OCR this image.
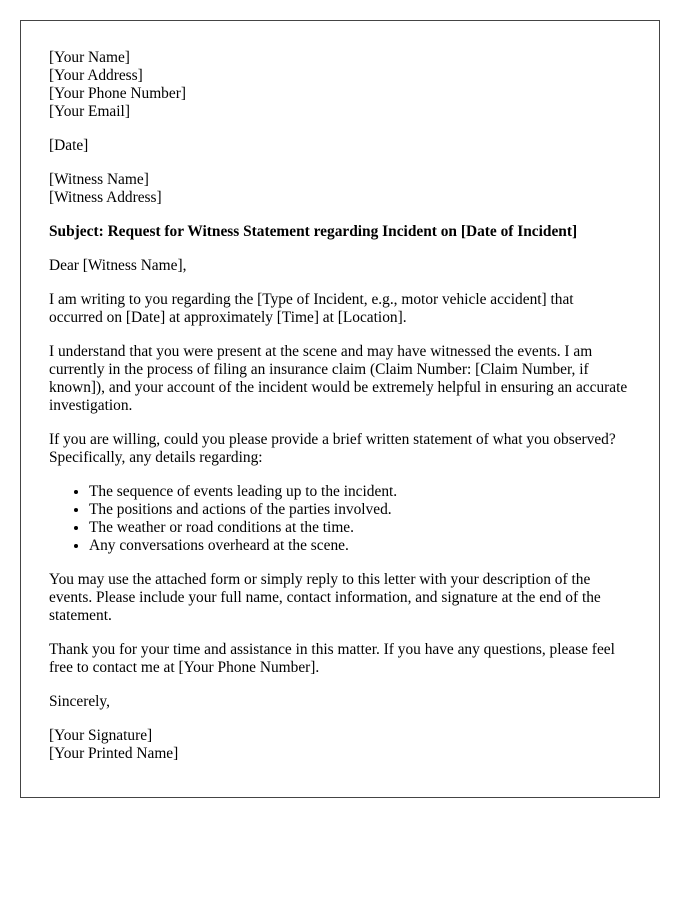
[Your Name]
[Your Address]
[Your Phone Number]
[Your Email]
[Date]
[Witness Name]
[Witness Address]
Subject: Request for Witness Statement regarding Incident on [Date of Incident]

Dear [Witness Name],

I am writing to you regarding the [Type of Incident, e.g., motor vehicle accident] that occurred on [Date] at approximately [Time] at [Location].

I understand that you were present at the scene and may have witnessed the events. I am currently in the process of filing an insurance claim (Claim Number: [Claim Number, if known]), and your account of the incident would be extremely helpful in ensuring an accurate investigation.

If you are willing, could you please provide a brief written statement of what you observed? Specifically, any details regarding:

• The sequence of events leading up to the incident.
• The positions and actions of the parties involved.
• The weather or road conditions at the time.
• Any conversations overheard at the scene.

You may use the attached form or simply reply to this letter with your description of the events. Please include your full name, contact information, and signature at the end of the statement.

Thank you for your time and assistance in this matter. If you have any questions, please feel free to contact me at [Your Phone Number].

Sincerely,

[Your Signature]
[Your Printed Name]
